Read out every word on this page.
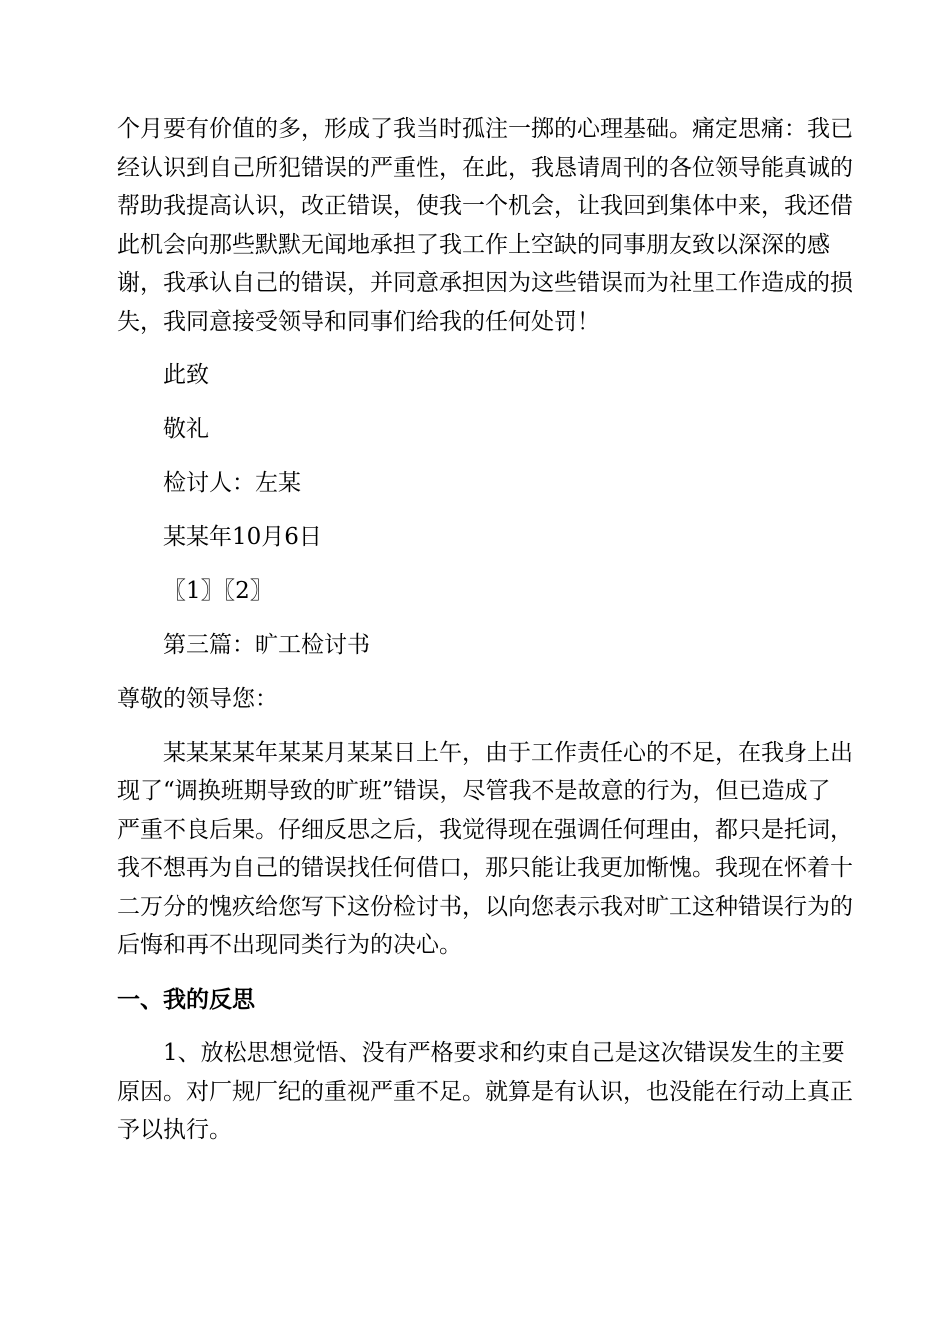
个月要有价值的多，形成了我当时孤注一掷的心理基础。痛定思痛：我已
经认识到自己所犯错误的严重性，在此，我恳请周刊的各位领导能真诚的
帮助我提高认识，改正错误，使我一个机会，让我回到集体中来，我还借
此机会向那些默默无闻地承担了我工作上空缺的同事朋友致以深深的感
谢，我承认自己的错误，并同意承担因为这些错误而为社里工作造成的损
失，我同意接受领导和同事们给我的任何处罚！
此致
敬礼
检讨人：左某
某某年10月6日
〖1〗〖2〗
第三篇：旷工检讨书
尊敬的领导您：
某某某某年某某月某某日上午，由于工作责任心的不足，在我身上出
现了“调换班期导致的旷班”错误，尽管我不是故意的行为，但已造成了
严重不良后果。仔细反思之后，我觉得现在强调任何理由，都只是托词，
我不想再为自己的错误找任何借口，那只能让我更加惭愧。我现在怀着十
二万分的愧疚给您写下这份检讨书，以向您表示我对旷工这种错误行为的
后悔和再不出现同类行为的决心。
一、我的反思
1、放松思想觉悟、没有严格要求和约束自己是这次错误发生的主要
原因。对厂规厂纪的重视严重不足。就算是有认识，也没能在行动上真正
予以执行。
